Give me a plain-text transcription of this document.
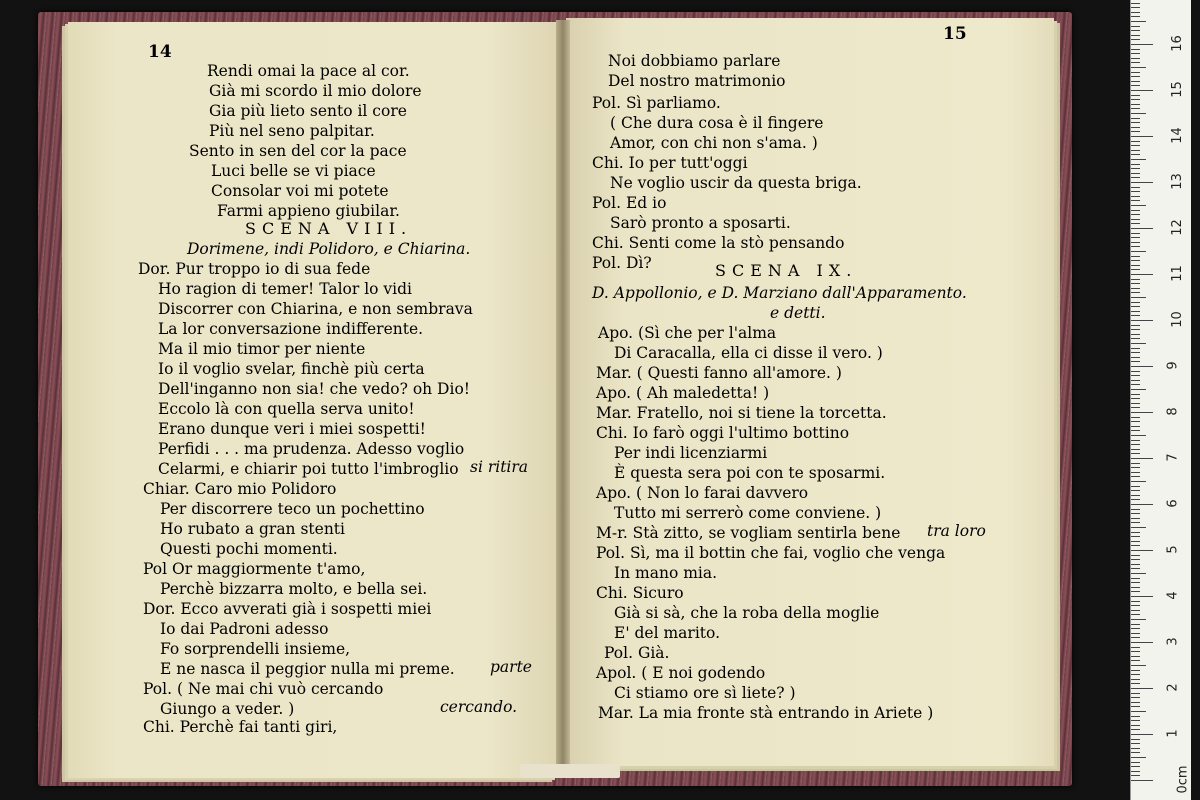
14
15
Rendi omai la pace al cor.
Già mi scordo il mio dolore
Gia più lieto sento il core
Più nel seno palpitar.
Sento in sen del cor la pace
Luci belle se vi piace
Consolar voi mi potete
Farmi appieno giubilar.
SCENA VIII.
Dorimene, indi Polidoro, e Chiarina.
Dor. Pur troppo io di sua fede
Ho ragion di temer! Talor lo vidi
Discorrer con Chiarina, e non sembrava
La lor conversazione indifferente.
Ma il mio timor per niente
Io il voglio svelar, finchè più certa
Dell'inganno non sia! che vedo? oh Dio!
Eccolo là con quella serva unito!
Erano dunque veri i miei sospetti!
Perfidi . . . ma prudenza. Adesso voglio
Celarmi, e chiarir poi tutto l'imbroglio si ritira
Chiar. Caro mio Polidoro
Per discorrere teco un pochettino
Ho rubato a gran stenti
Questi pochi momenti.
Pol Or maggiormente t'amo,
Perchè bizzarra molto, e bella sei.
Dor. Ecco avverati già i sospetti miei
Io dai Padroni adesso
Fo sorprendelli insieme,
E ne nasca il peggior nulla mi preme. parte
Pol. ( Ne mai chi vuò cercando
Giungo a veder. )	cercando.
Chi. Perchè fai tanti giri,
Noi dobbiamo parlare
Del nostro matrimonio
Pol. Sì parliamo.
( Che dura cosa è il fingere
Amor, con chi non s'ama. )
Chi. Io per tutt'oggi
Ne voglio uscir da questa briga.
Pol. Ed io
Sarò pronto a sposarti.
Chi. Senti come la stò pensando
Pol. Dì?	SCENA IX.
D. Appollonio, e D. Marziano dall'Apparamento.
e detti.
Apo. (Sì che per l'alma
Di Caracalla, ella ci disse il vero. )
Mar. ( Questi fanno all'amore. )
Apo. ( Ah maledetta! )
Mar. Fratello, noi si tiene la torcetta.
Chi. Io farò oggi l'ultimo bottino
Per indi licenziarmi
È questa sera poi con te sposarmi.
Apo. ( Non lo farai davvero
Tutto mi serrerò come conviene. )
M-r. Stà zitto, se vogliam sentirla bene tra loro
Pol. Sì, ma il bottin che fai, voglio che venga
In mano mia.
Chi. Sicuro
Già si sà, che la roba della moglie
E' del marito.
Pol. Già.
Apol. ( E noi godendo
Ci stiamo ore sì liete? )
Mar. La mia fronte stà entrando in Ariete )
0cm
1
2
3
4
5
6
7
8
9
10
11
12
13
14
15
16
